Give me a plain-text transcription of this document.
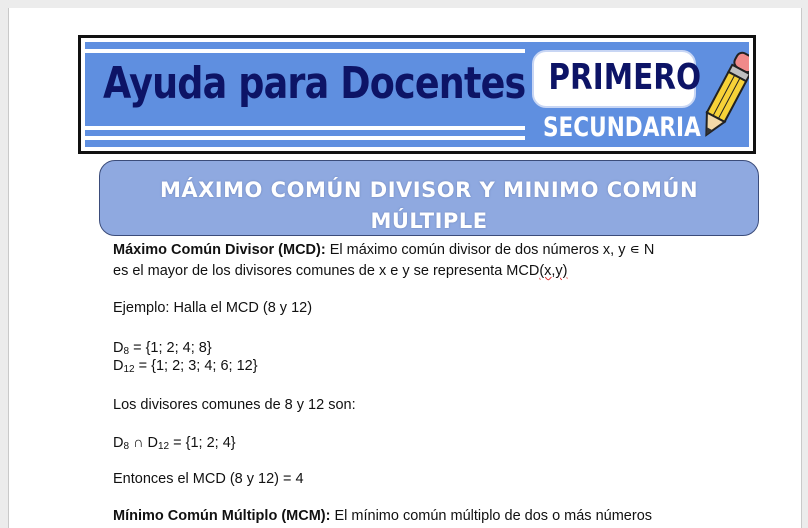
Ayuda para Docentes PRIMERO
SECUNDARIA
MÁXIMO COMÚN DIVISOR Y MINIMO COMÚN
MÚLTIPLE
Máximo Común Divisor (MCD): El máximo común divisor de dos números x, y ∊ N
es el mayor de los divisores comunes de x e y se representa MCD(x,y)
Ejemplo: Halla el MCD (8 y 12)
$D_8 = \{1$; 2; 4; 8}
$D_{12} = \{1$; 2; 3; 4; 6; 12}
Los divisores comunes de 8 y 12 son:
$D_8$ ∩ $D_{12} = \{1$; 2; 4}
Entonces el MCD (8 y 12) = 4
Mínimo Común Múltiplo (MCM): El mínimo común múltiplo de dos o más números
